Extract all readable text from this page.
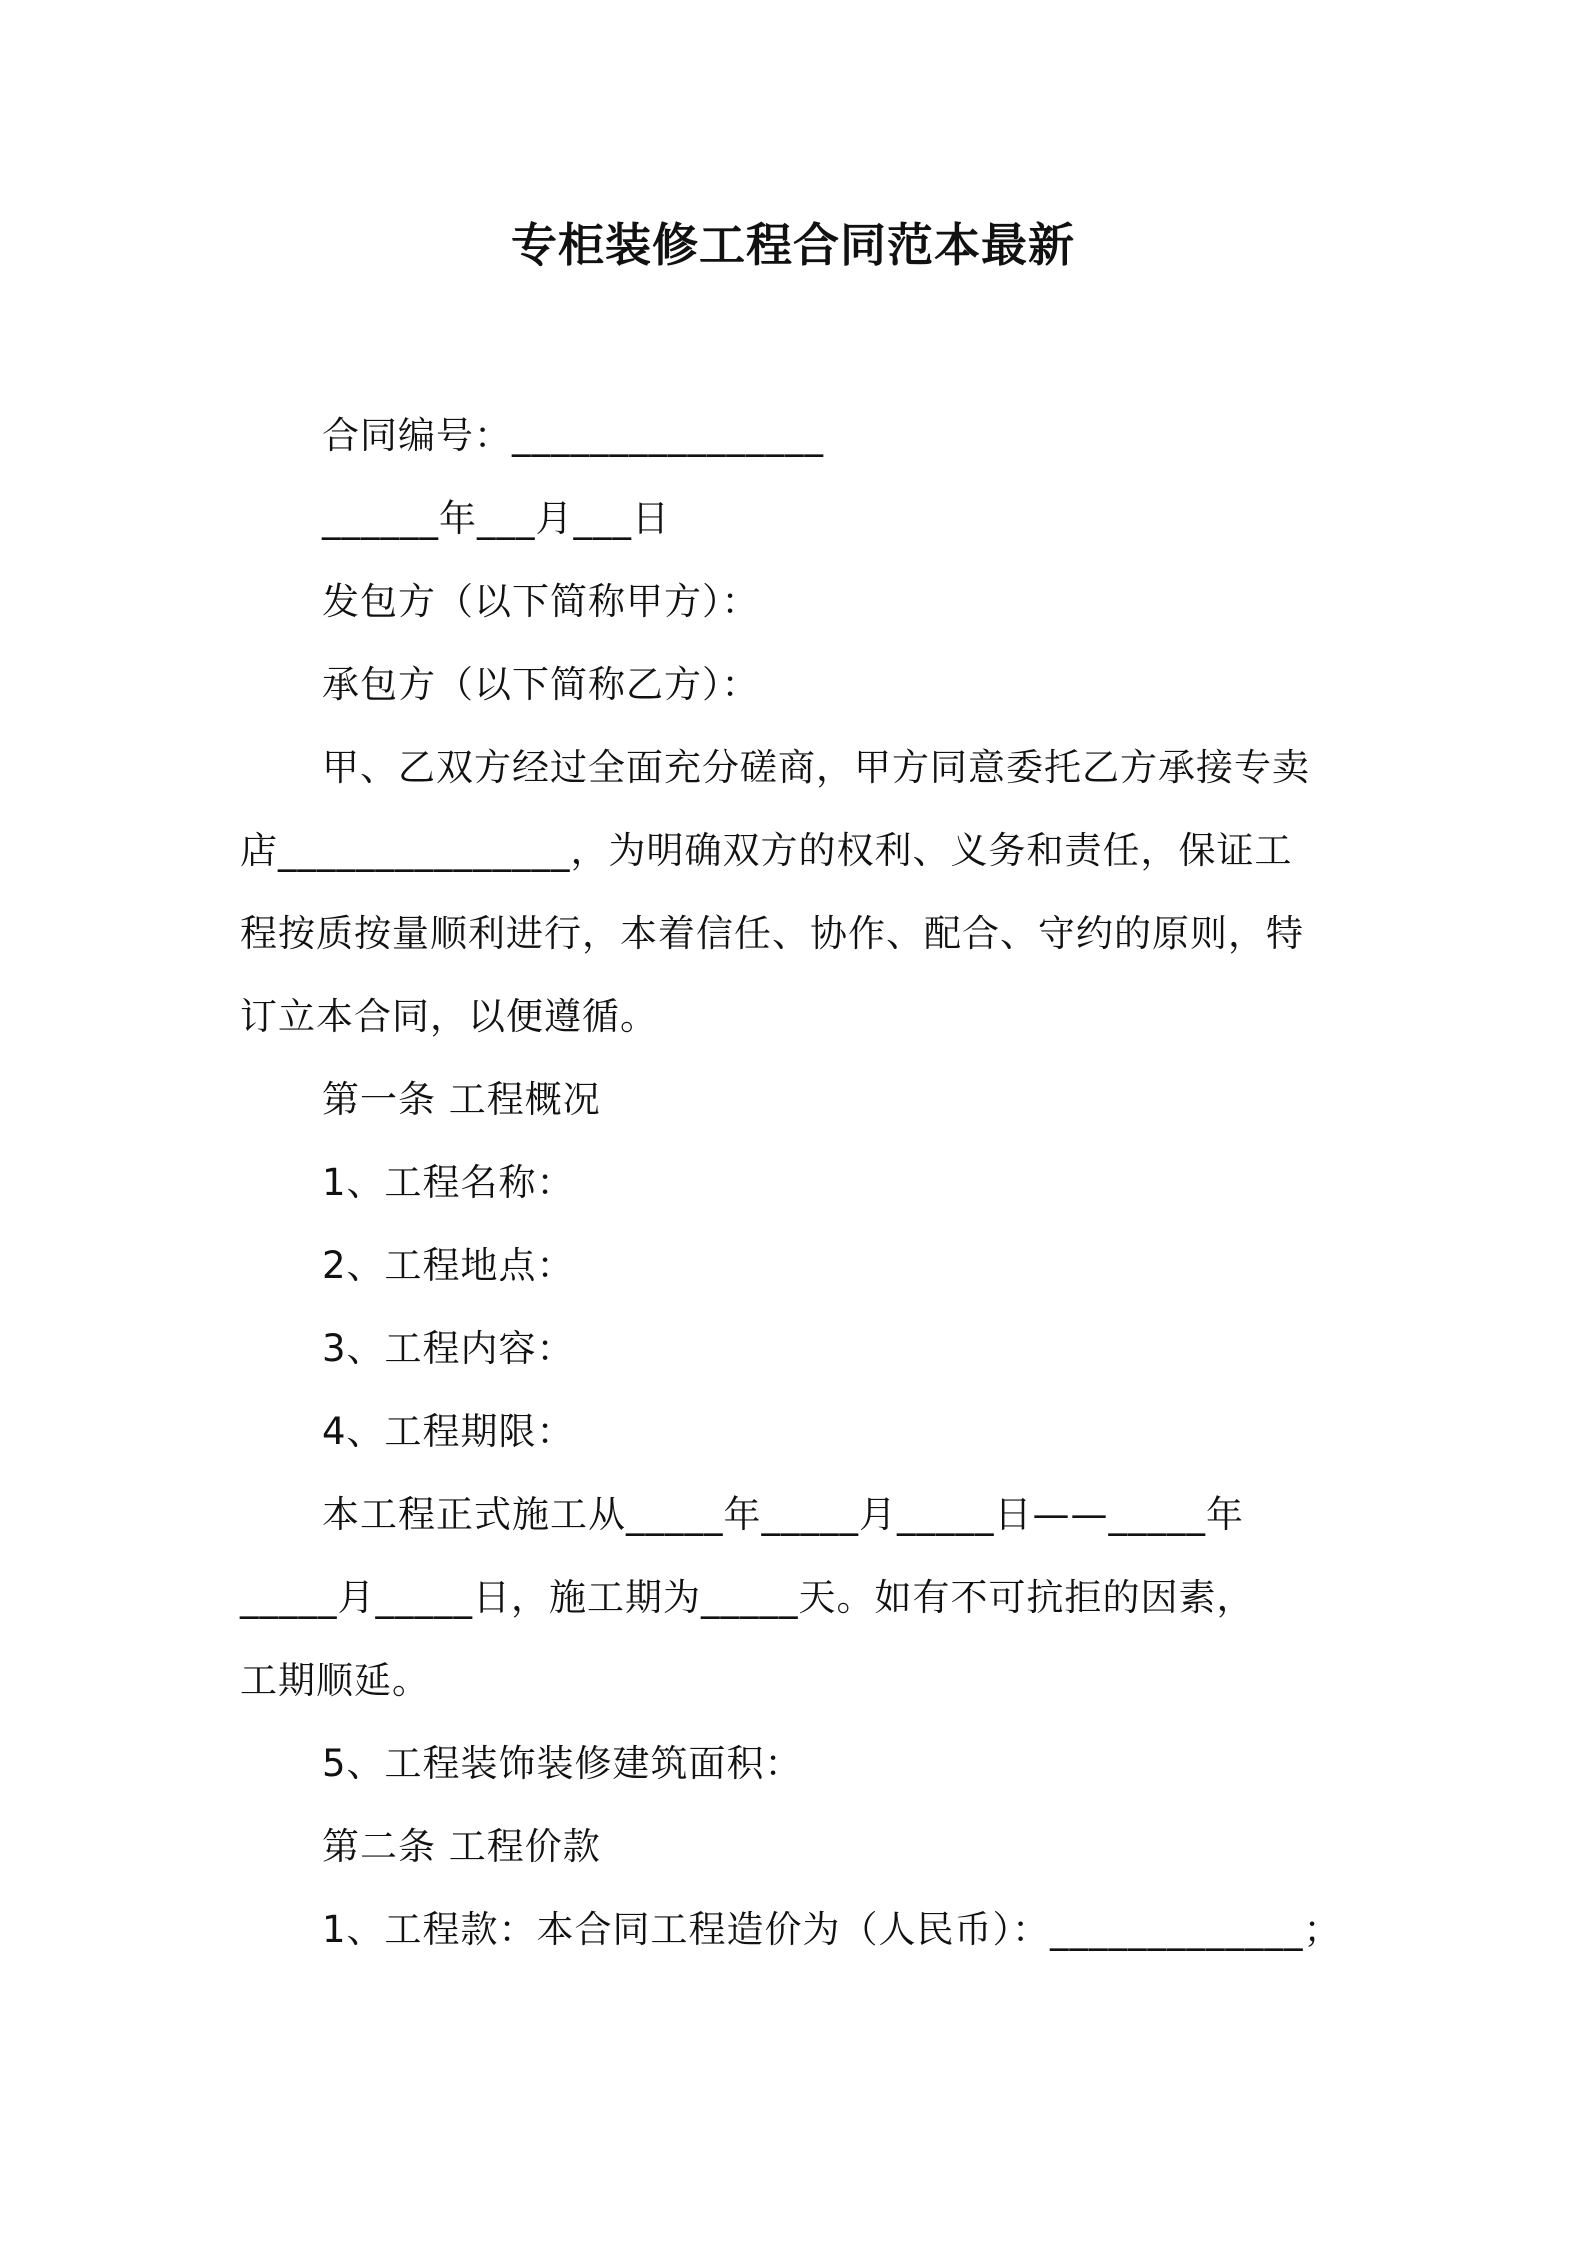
专柜装修工程合同范本最新
合同编号：________________
______年___月___日
发包方（以下简称甲方）：
承包方（以下简称乙方）：
甲、乙双方经过全面充分磋商，甲方同意委托乙方承接专卖
店_______________，为明确双方的权利、义务和责任，保证工
程按质按量顺利进行，本着信任、协作、配合、守约的原则，特
订立本合同，以便遵循。
第一条 工程概况
1、工程名称：
2、工程地点：
3、工程内容：
4、工程期限：
本工程正式施工从_____年_____月_____日——_____年
_____月_____日，施工期为_____天。如有不可抗拒的因素，
工期顺延。
5、工程装饰装修建筑面积：
第二条 工程价款
1、工程款：本合同工程造价为（人民币）：_____________；
